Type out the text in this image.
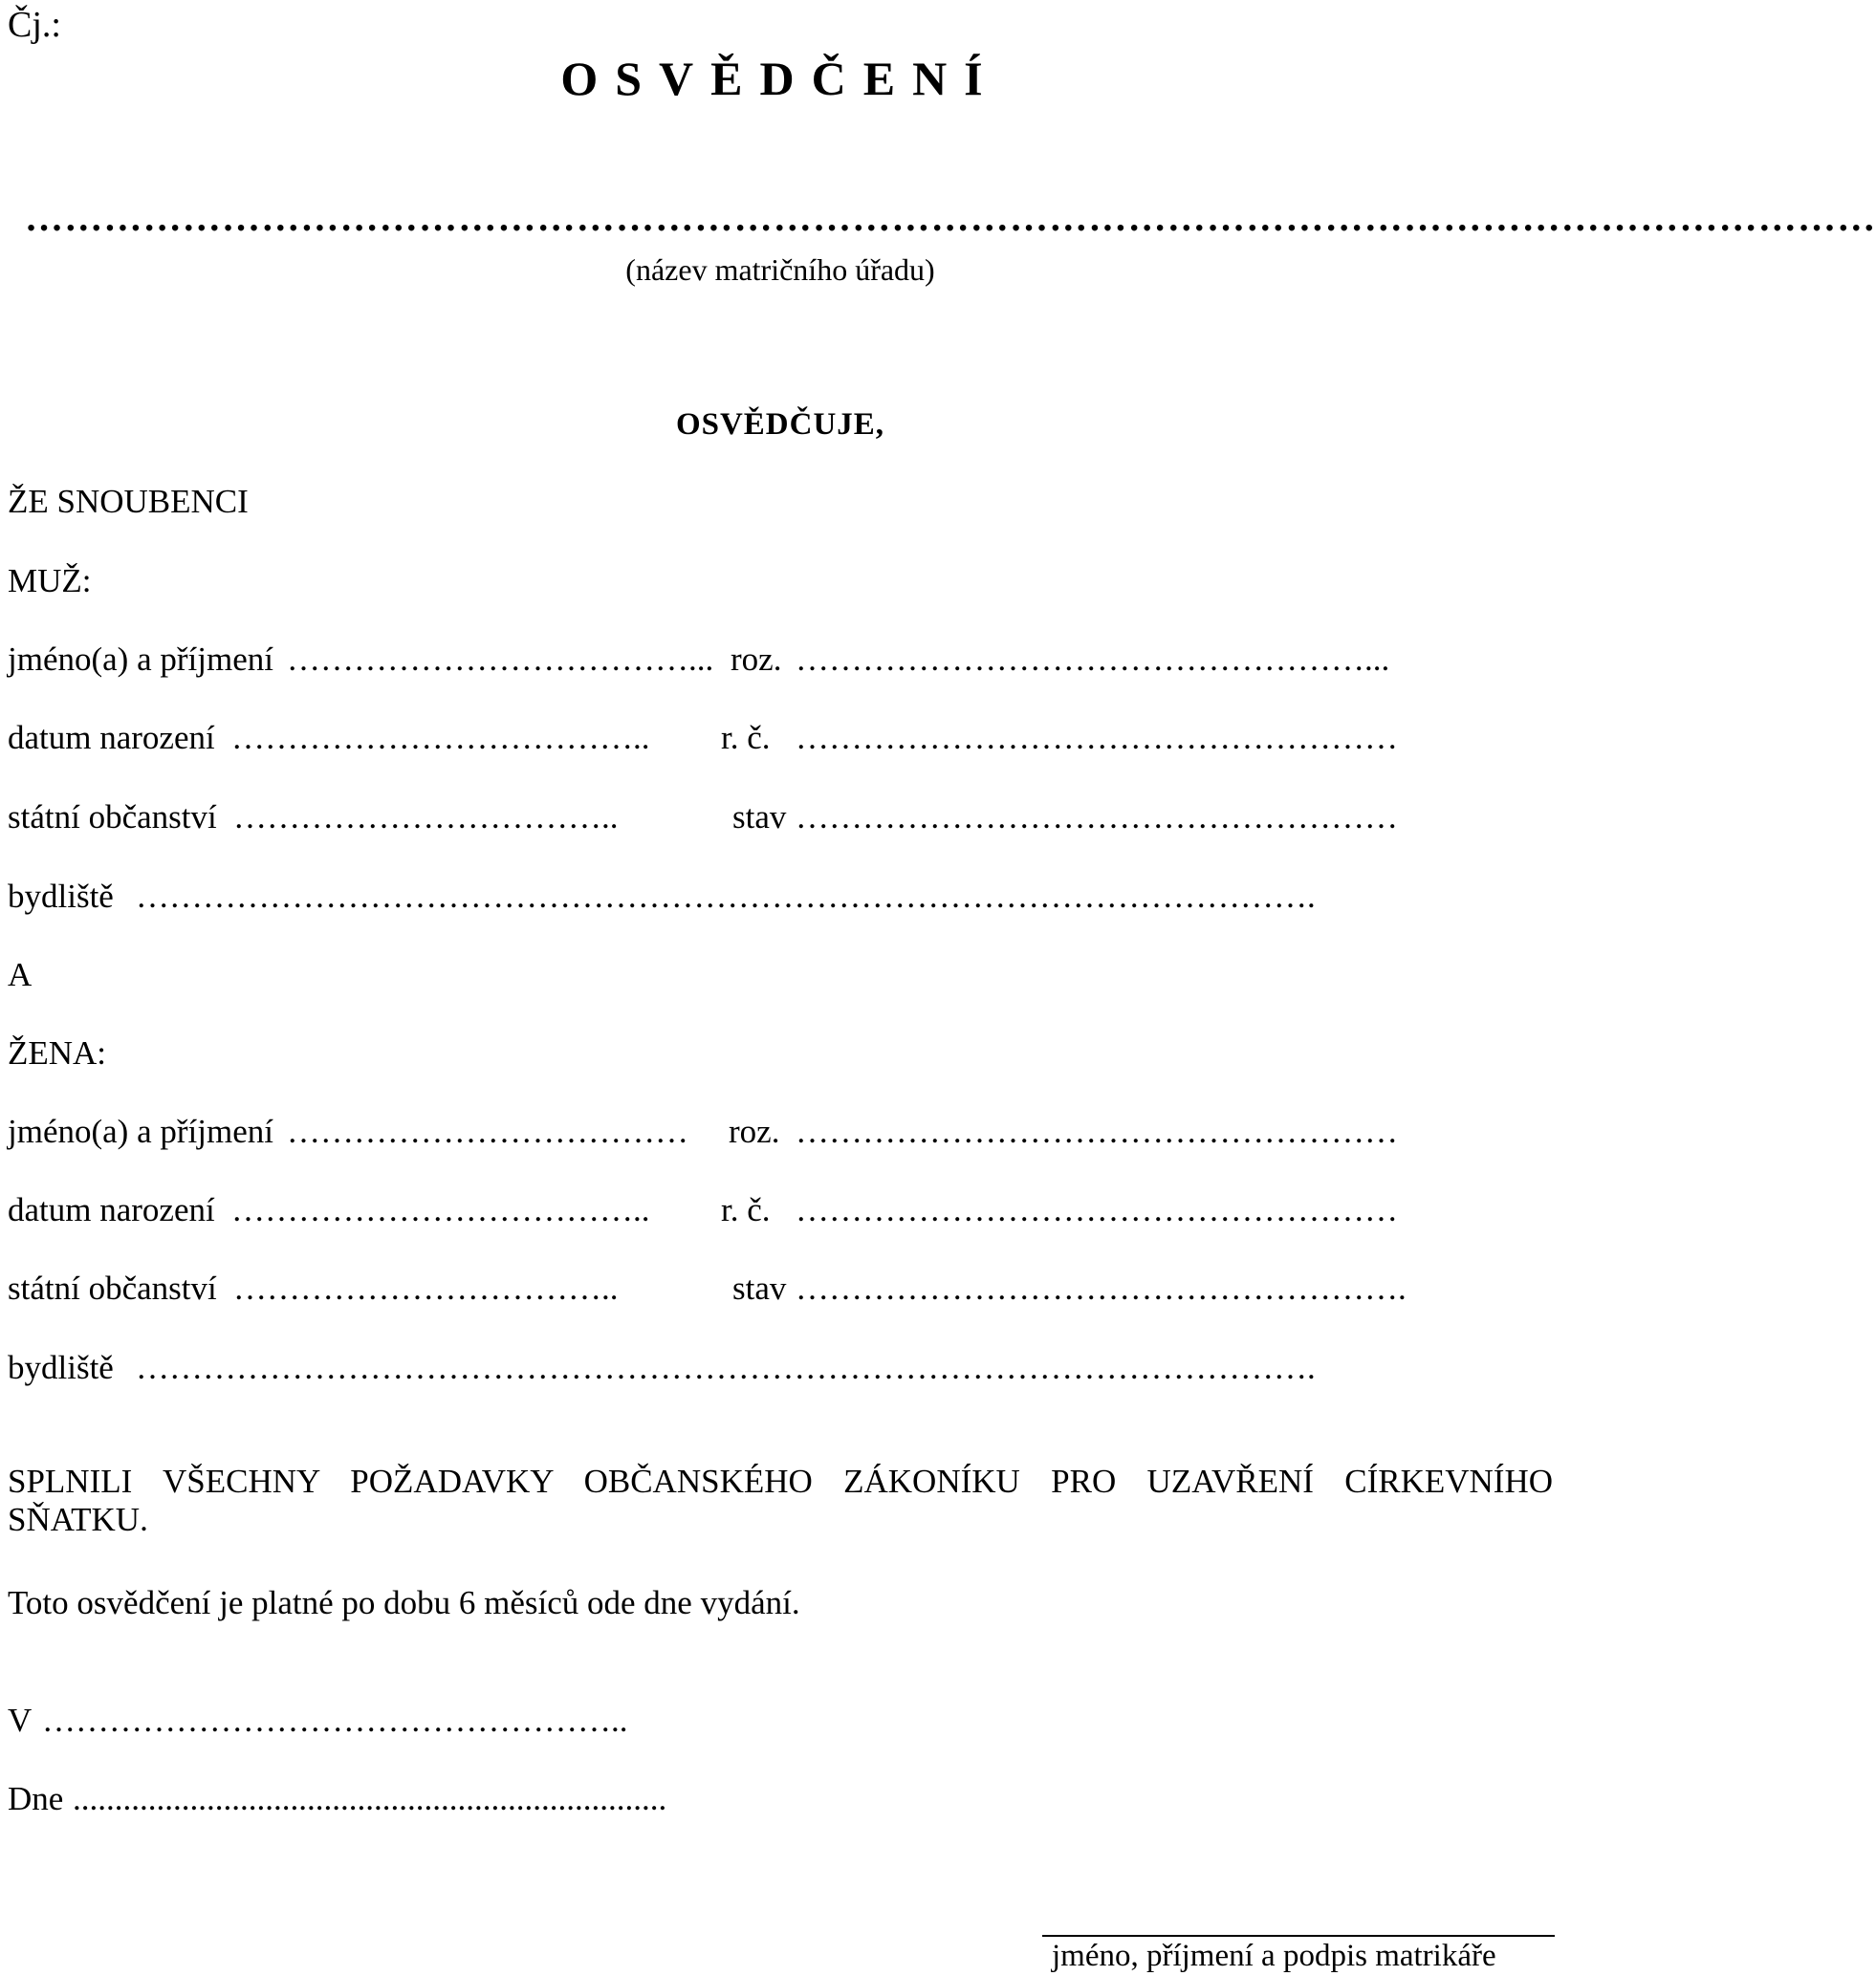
Čj.:
OSVĚDČENÍ
……………………………………………………………………………………………………………………………
(název matričního úřadu)
OSVĚDČUJE,
ŽE SNOUBENCI
MUŽ:
jméno(a) a příjmení ………………………………... roz. ……………………………………………...
datum narození ………………………………..	r. č. ………………………………………………
státní občanství ……………………………..	stav ………………………………………………
bydliště …………………………………………………………………………………………….
A
ŽENA:
jméno(a) a příjmení ………………………………	roz. ………………………………………………
datum narození ………………………………..	r. č. ………………………………………………
státní občanství ……………………………..	stav ……………………………………………….
bydliště …………………………………………………………………………………………….
SPLNILI VŠECHNY POŽADAVKY OBČANSKÉHO ZÁKONÍKU PRO UZAVŘENÍ CÍRKEVNÍHO SŇATKU.
Toto osvědčení je platné po dobu 6 měsíců ode dne vydání.
V ……………………………………………..
Dne .......................................................................
jméno, příjmení a podpis matrikáře
